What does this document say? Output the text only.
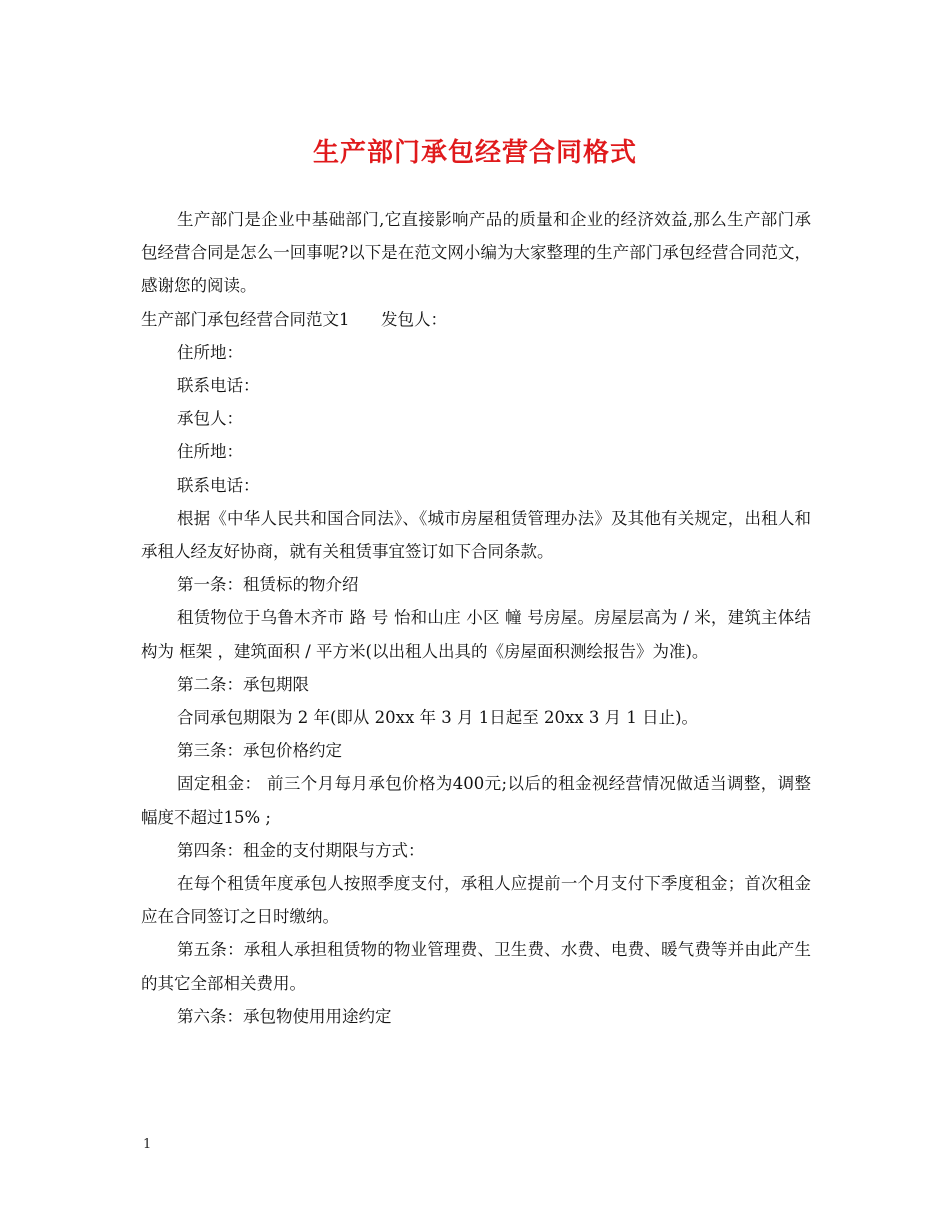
生产部门承包经营合同格式

生产部门是企业中基础部门,它直接影响产品的质量和企业的经济效益,那么生产部门承包经营合同是怎么一回事呢?以下是在范文网小编为大家整理的生产部门承包经营合同范文，感谢您的阅读。

生产部门承包经营合同范文1      发包人：

住所地：

联系电话：

承包人：

住所地：

联系电话：

根据《中华人民共和国合同法》、《城市房屋租赁管理办法》及其他有关规定，出租人和承租人经友好协商，就有关租赁事宜签订如下合同条款。

第一条：租赁标的物介绍

租赁物位于乌鲁木齐市 路 号 怡和山庄 小区 幢 号房屋。房屋层高为 / 米，建筑主体结构为 框架 ，建筑面积 / 平方米(以出租人出具的《房屋面积测绘报告》为准)。

第二条：承包期限

合同承包期限为 2 年(即从 20xx 年 3 月 1日起至 20xx 3 月 1 日止)。

第三条：承包价格约定

固定租金： 前三个月每月承包价格为400元;以后的租金视经营情况做适当调整，调整幅度不超过15% ;

第四条：租金的支付期限与方式：

在每个租赁年度承包人按照季度支付，承租人应提前一个月支付下季度租金；首次租金应在合同签订之日时缴纳。

第五条：承租人承担租赁物的物业管理费、卫生费、水费、电费、暖气费等并由此产生的其它全部相关费用。

第六条：承包物使用用途约定

1
